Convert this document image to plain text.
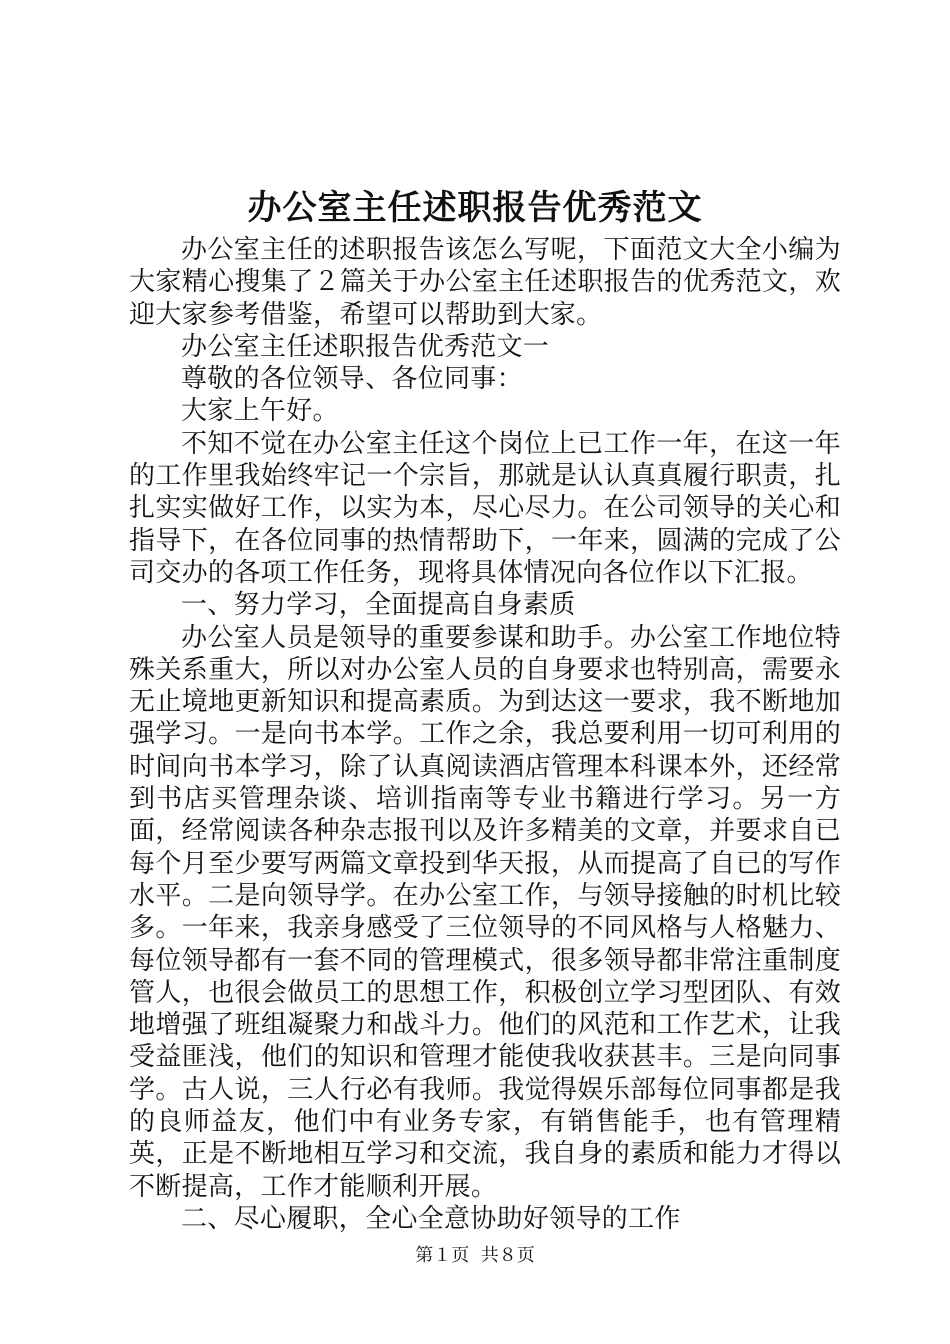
办公室主任述职报告优秀范文

办公室主任的述职报告该怎么写呢，下面范文大全小编为大家精心搜集了２篇关于办公室主任述职报告的优秀范文，欢迎大家参考借鉴，希望可以帮助到大家。

办公室主任述职报告优秀范文一

尊敬的各位领导、各位同事：

大家上午好。

不知不觉在办公室主任这个岗位上已工作一年，在这一年的工作里我始终牢记一个宗旨，那就是认认真真履行职责，扎扎实实做好工作，以实为本，尽心尽力。在公司领导的关心和指导下，在各位同事的热情帮助下，一年来，圆满的完成了公司交办的各项工作任务，现将具体情况向各位作以下汇报。

一、努力学习，全面提高自身素质

办公室人员是领导的重要参谋和助手。办公室工作地位特殊关系重大，所以对办公室人员的自身要求也特别高，需要永无止境地更新知识和提高素质。为到达这一要求，我不断地加强学习。一是向书本学。工作之余，我总要利用一切可利用的时间向书本学习，除了认真阅读酒店管理本科课本外，还经常到书店买管理杂谈、培训指南等专业书籍进行学习。另一方面，经常阅读各种杂志报刊以及许多精美的文章，并要求自已每个月至少要写两篇文章投到华天报，从而提高了自已的写作水平。二是向领导学。在办公室工作，与领导接触的时机比较多。一年来，我亲身感受了三位领导的不同风格与人格魅力、每位领导都有一套不同的管理模式，很多领导都非常注重制度管人，也很会做员工的思想工作，积极创立学习型团队、有效地增强了班组凝聚力和战斗力。他们的风范和工作艺术，让我受益匪浅，他们的知识和管理才能使我收获甚丰。三是向同事学。古人说，三人行必有我师。我觉得娱乐部每位同事都是我的良师益友，他们中有业务专家，有销售能手，也有管理精英，正是不断地相互学习和交流，我自身的素质和能力才得以不断提高，工作才能顺利开展。

二、尽心履职，全心全意协助好领导的工作

第１页 共８页
